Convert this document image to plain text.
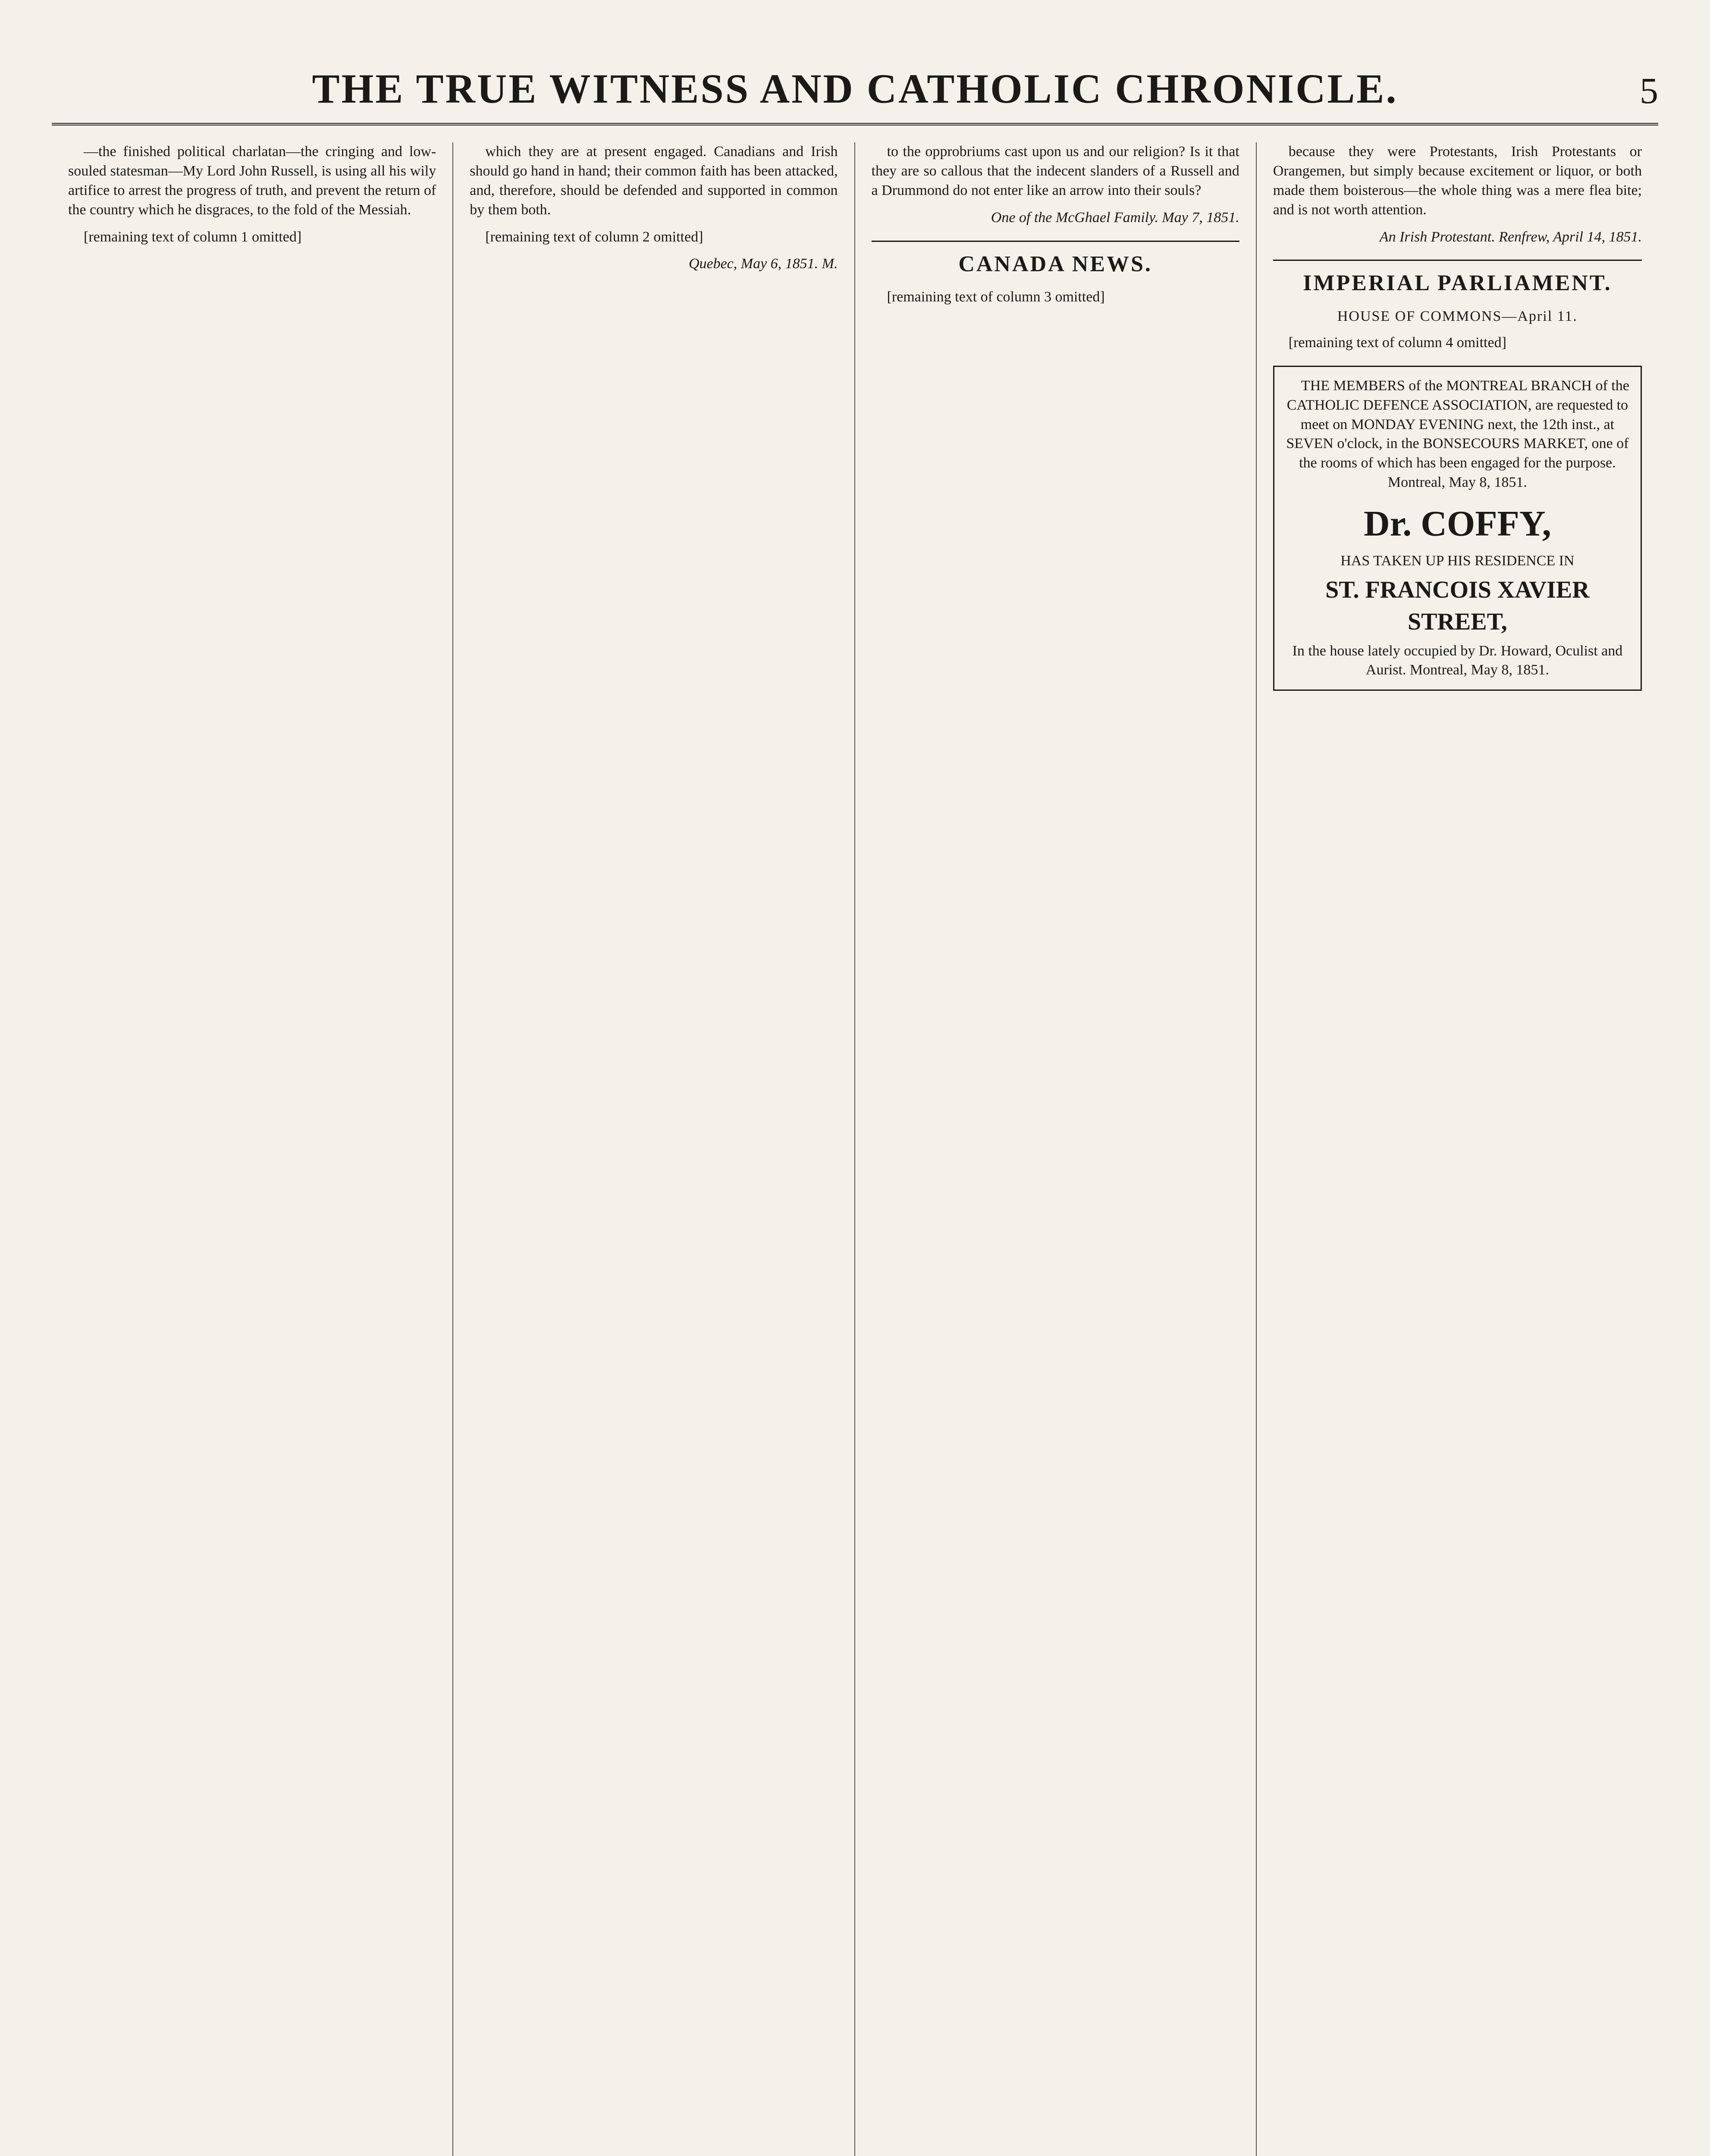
THE TRUE WITNESS AND CATHOLIC CHRONICLE.	5

—the finished political charlatan—the cringing and low-souled statesman—My Lord John Russell, is using all his wily artifice to arrest the progress of truth, and prevent the return of the country which he disgraces, to the fold of the Messiah.

[remaining text of column 1 omitted]

which they are at present engaged. Canadians and Irish should go hand in hand; their common faith has been attacked, and, therefore, should be defended and supported in common by them both.

[remaining text of column 2 omitted]

Quebec, May 6, 1851. M.

to the opprobriums cast upon us and our religion? Is it that they are so callous that the indecent slanders of a Russell and a Drummond do not enter like an arrow into their souls?

One of the McGhael Family. May 7, 1851.
CANADA NEWS.

[remaining text of column 3 omitted]

because they were Protestants, Irish Protestants or Orangemen, but simply because excitement or liquor, or both made them boisterous—the whole thing was a mere flea bite; and is not worth attention.

An Irish Protestant. Renfrew, April 14, 1851.
IMPERIAL PARLIAMENT.
HOUSE OF COMMONS—April 11.

[remaining text of column 4 omitted]

THE MEMBERS of the MONTREAL BRANCH of the CATHOLIC DEFENCE ASSOCIATION, are requested to meet on MONDAY EVENING next, the 12th inst., at SEVEN o'clock, in the BONSECOURS MARKET, one of the rooms of which has been engaged for the purpose. Montreal, May 8, 1851.

Dr. COFFY,
HAS TAKEN UP HIS RESIDENCE IN
ST. FRANCOIS XAVIER STREET,
In the house lately occupied by Dr. Howard, Oculist and Aurist. Montreal, May 8, 1851.
